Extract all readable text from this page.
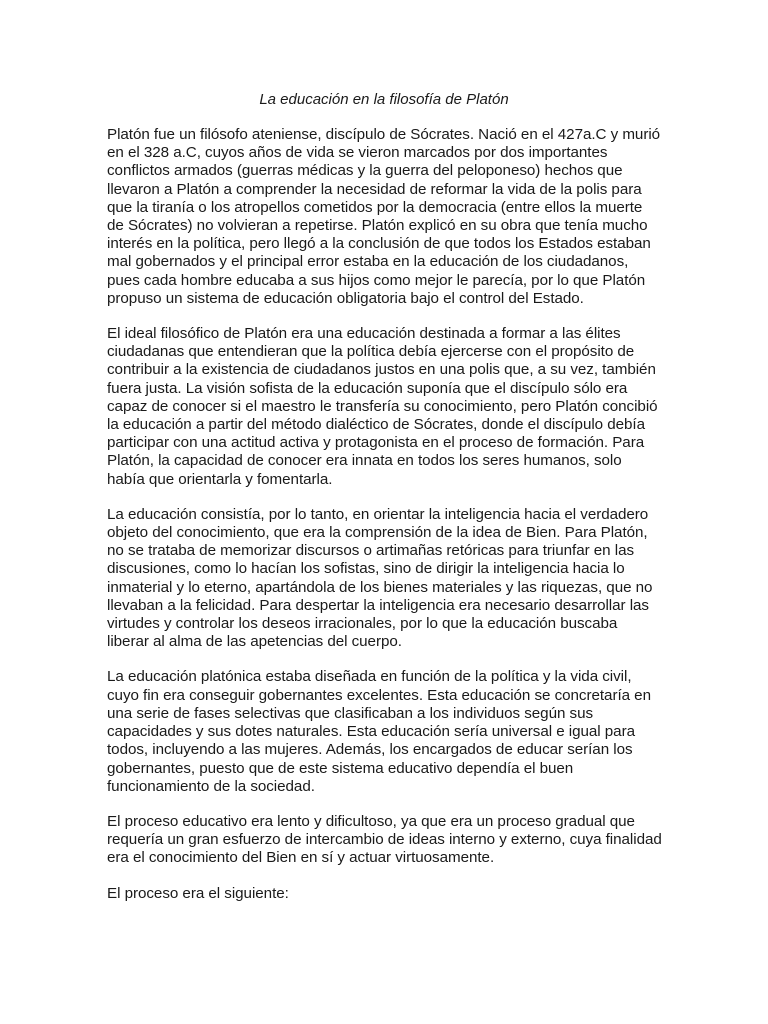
La educación en la filosofía de Platón

Platón fue un filósofo ateniense, discípulo de Sócrates. Nació en el 427a.C y murió
en el 328 a.C, cuyos años de vida se vieron marcados por dos importantes
conflictos armados (guerras médicas y la guerra del peloponeso) hechos que
llevaron a Platón a comprender la necesidad de reformar la vida de la polis para
que la tiranía o los atropellos cometidos por la democracia (entre ellos la muerte
de Sócrates) no volvieran a repetirse. Platón explicó en su obra que tenía mucho
interés en la política, pero llegó a la conclusión de que todos los Estados estaban
mal gobernados y el principal error estaba en la educación de los ciudadanos,
pues cada hombre educaba a sus hijos como mejor le parecía, por lo que Platón
propuso un sistema de educación obligatoria bajo el control del Estado.

El ideal filosófico de Platón era una educación destinada a formar a las élites
ciudadanas que entendieran que la política debía ejercerse con el propósito de
contribuir a la existencia de ciudadanos justos en una polis que, a su vez, también
fuera justa. La visión sofista de la educación suponía que el discípulo sólo era
capaz de conocer si el maestro le transfería su conocimiento, pero Platón concibió
la educación a partir del método dialéctico de Sócrates, donde el discípulo debía
participar con una actitud activa y protagonista en el proceso de formación. Para
Platón, la capacidad de conocer era innata en todos los seres humanos, solo
había que orientarla y fomentarla.

La educación consistía, por lo tanto, en orientar la inteligencia hacia el verdadero
objeto del conocimiento, que era la comprensión de la idea de Bien. Para Platón,
no se trataba de memorizar discursos o artimañas retóricas para triunfar en las
discusiones, como lo hacían los sofistas, sino de dirigir la inteligencia hacia lo
inmaterial y lo eterno, apartándola de los bienes materiales y las riquezas, que no
llevaban a la felicidad. Para despertar la inteligencia era necesario desarrollar las
virtudes y controlar los deseos irracionales, por lo que la educación buscaba
liberar al alma de las apetencias del cuerpo.

La educación platónica estaba diseñada en función de la política y la vida civil,
cuyo fin era conseguir gobernantes excelentes. Esta educación se concretaría en
una serie de fases selectivas que clasificaban a los individuos según sus
capacidades y sus dotes naturales. Esta educación sería universal e igual para
todos, incluyendo a las mujeres. Además, los encargados de educar serían los
gobernantes, puesto que de este sistema educativo dependía el buen
funcionamiento de la sociedad.

El proceso educativo era lento y dificultoso, ya que era un proceso gradual que
requería un gran esfuerzo de intercambio de ideas interno y externo, cuya finalidad
era el conocimiento del Bien en sí y actuar virtuosamente.

El proceso era el siguiente:
